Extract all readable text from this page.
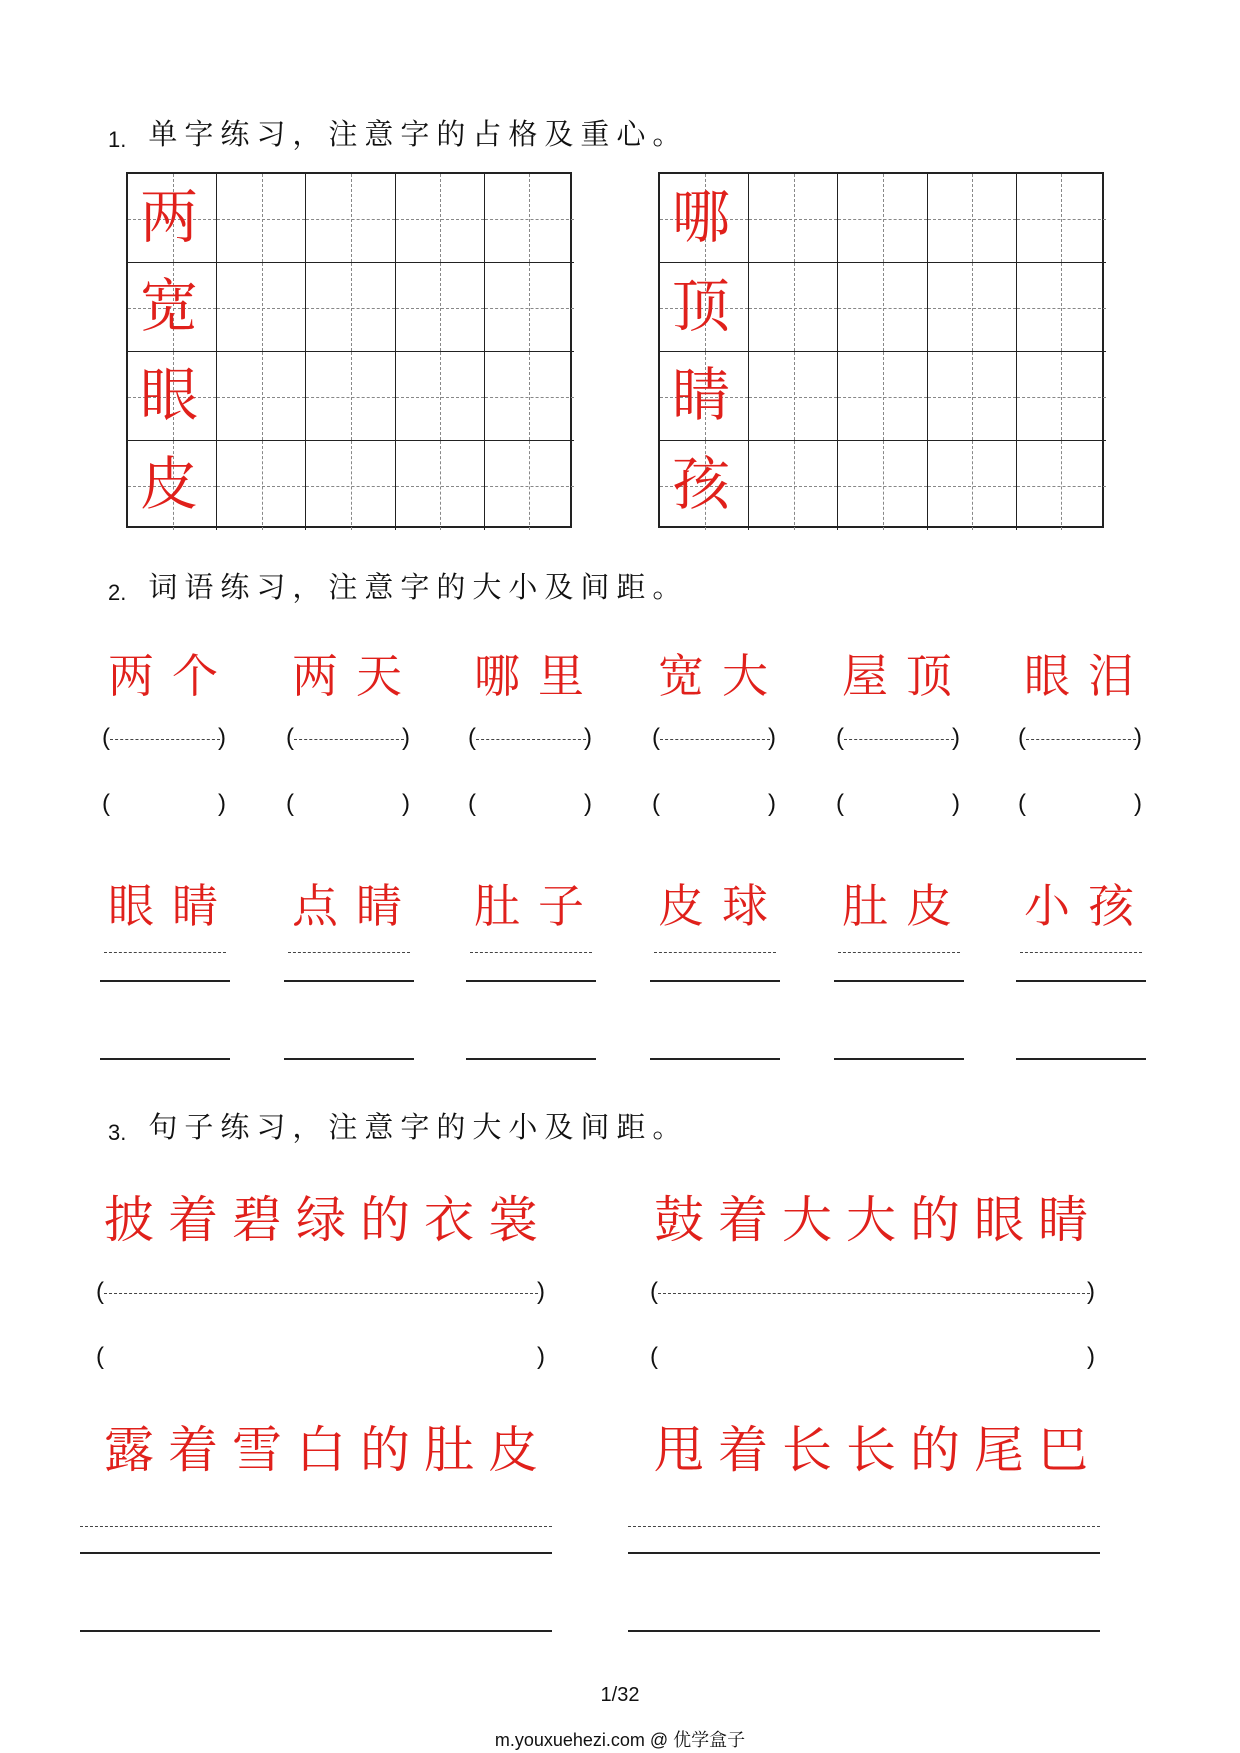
1. 单字练习，注意字的占格及重心。
两
宽
眼
皮
哪
顶
睛
孩
2. 词语练习，注意字的大小及间距。
两个
(	)
(	)
眼睛
两天
(	)
(	)
点睛
哪里
(	)
(	)
肚子
宽大
(	)
(	)
皮球
屋顶
(	)
(	)
肚皮
眼泪
(	)
(	)
小孩
3. 句子练习，注意字的大小及间距。
披着碧绿的衣裳 鼓着大大的眼睛
(	)
(	)
(	)
(	)
露着雪白的肚皮 甩着长长的尾巴
1/32
m.youxuehezi.com @ 优学盒子
